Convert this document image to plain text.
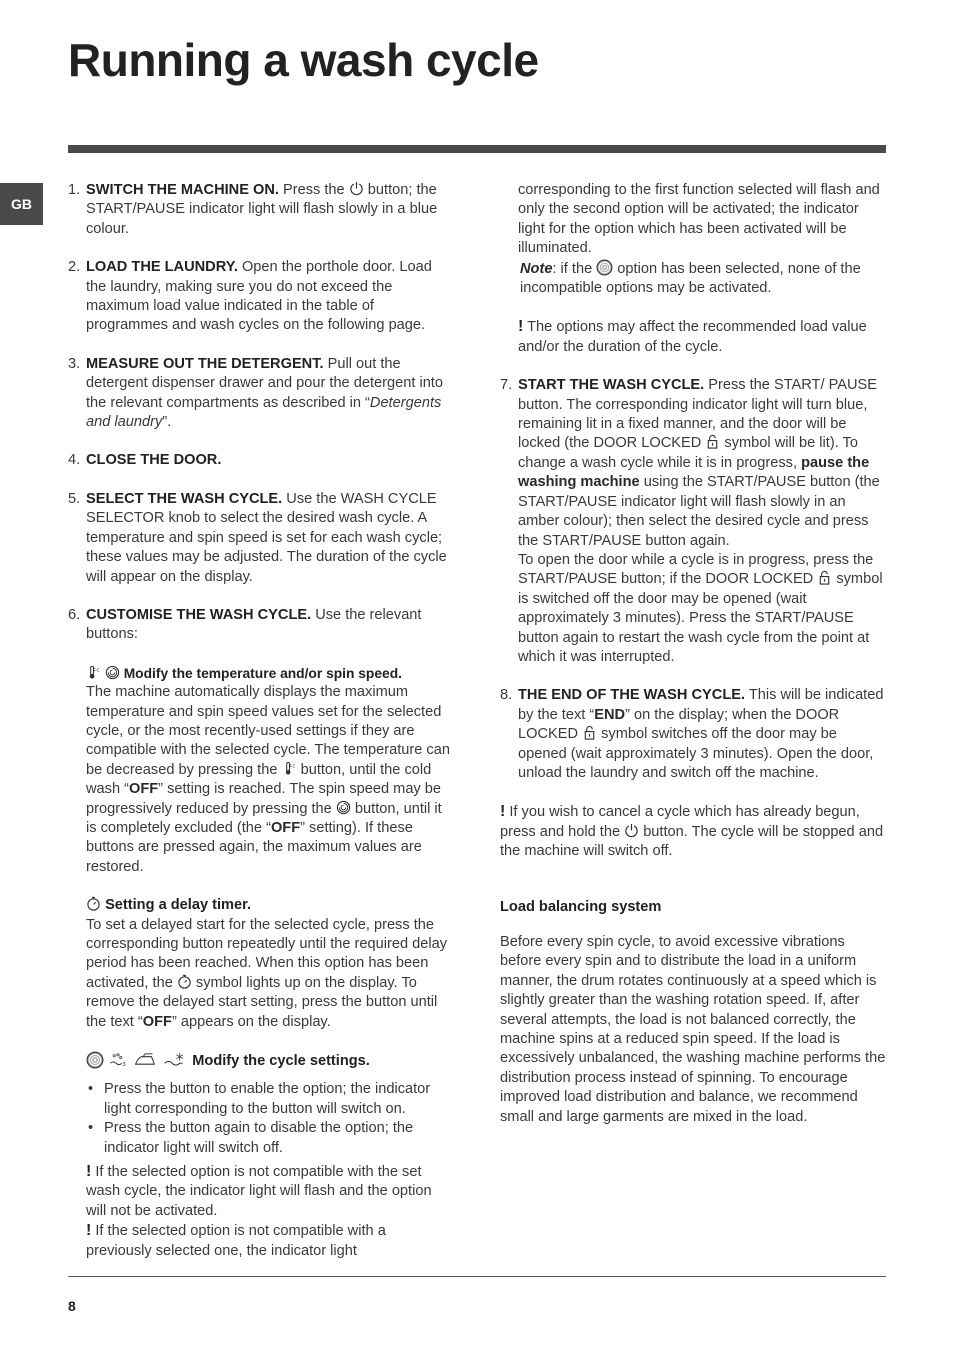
Running a wash cycle
GB
1. SWITCH THE MACHINE ON. Press the  button; the START/PAUSE indicator light will flash slowly in a blue colour.
2. LOAD THE LAUNDRY. Open the porthole door. Load the laundry, making sure you do not exceed the maximum load value indicated in the table of programmes and wash cycles on the following page.
3. MEASURE OUT THE DETERGENT. Pull out the detergent dispenser drawer and pour the detergent into the relevant compartments as described in “Detergents and laundry”.
4. CLOSE THE DOOR.
5. SELECT THE WASH CYCLE. Use the WASH CYCLE SELECTOR knob to select the desired wash cycle. A temperature and spin speed is set for each wash cycle; these values may be adjusted. The duration of the cycle will appear on the display.
6. CUSTOMISE THE WASH CYCLE. Use the relevant buttons:
Modify the temperature and/or spin speed.
The machine automatically displays the maximum temperature and spin speed values set for the selected cycle, or the most recently-used settings if they are compatible with the selected cycle. The temperature can be decreased by pressing the  button, until the cold wash “OFF” setting is reached. The spin speed may be progressively reduced by pressing the  button, until it is completely excluded (the “OFF” setting). If these buttons are pressed again, the maximum values are restored.
Setting a delay timer.
To set a delayed start for the selected cycle, press the corresponding button repeatedly until the required delay period has been reached. When this option has been activated, the  symbol lights up on the display. To remove the delayed start setting, press the button until the text “OFF” appears on the display.
Modify the cycle settings.
• Press the button to enable the option; the indicator light corresponding to the button will switch on.
• Press the button again to disable the option; the indicator light will switch off.
! If the selected option is not compatible with the set wash cycle, the indicator light will flash and the option will not be activated.
! If the selected option is not compatible with a previously selected one, the indicator light
corresponding to the first function selected will flash and only the second option will be activated; the indicator light for the option which has been activated will be illuminated.
Note: if the  option has been selected, none of the incompatible options may be activated.
! The options may affect the recommended load value and/or the duration of the cycle.
7. START THE WASH CYCLE. Press the START/ PAUSE button. The corresponding indicator light will turn blue, remaining lit in a fixed manner, and the door will be locked (the DOOR LOCKED  symbol will be lit). To change a wash cycle while it is in progress, pause the washing machine using the START/PAUSE button (the START/PAUSE indicator light will flash slowly in an amber colour); then select the desired cycle and press the START/PAUSE button again.
To open the door while a cycle is in progress, press the START/PAUSE button; if the DOOR LOCKED  symbol is switched off the door may be opened (wait approximately 3 minutes). Press the START/PAUSE button again to restart the wash cycle from the point at which it was interrupted.
8. THE END OF THE WASH CYCLE. This will be indicated by the text “END” on the display; when the DOOR LOCKED  symbol switches off the door may be opened (wait approximately 3 minutes). Open the door, unload the laundry and switch off the machine.
! If you wish to cancel a cycle which has already begun, press and hold the  button. The cycle will be stopped and the machine will switch off.
Load balancing system
Before every spin cycle, to avoid excessive vibrations before every spin and to distribute the load in a uniform manner, the drum rotates continuously at a speed which is slightly greater than the washing rotation speed. If, after several attempts, the load is not balanced correctly, the machine spins at a reduced spin speed. If the load is excessively unbalanced, the washing machine performs the distribution process instead of spinning. To encourage improved load distribution and balance, we recommend small and large garments are mixed in the load.
8
